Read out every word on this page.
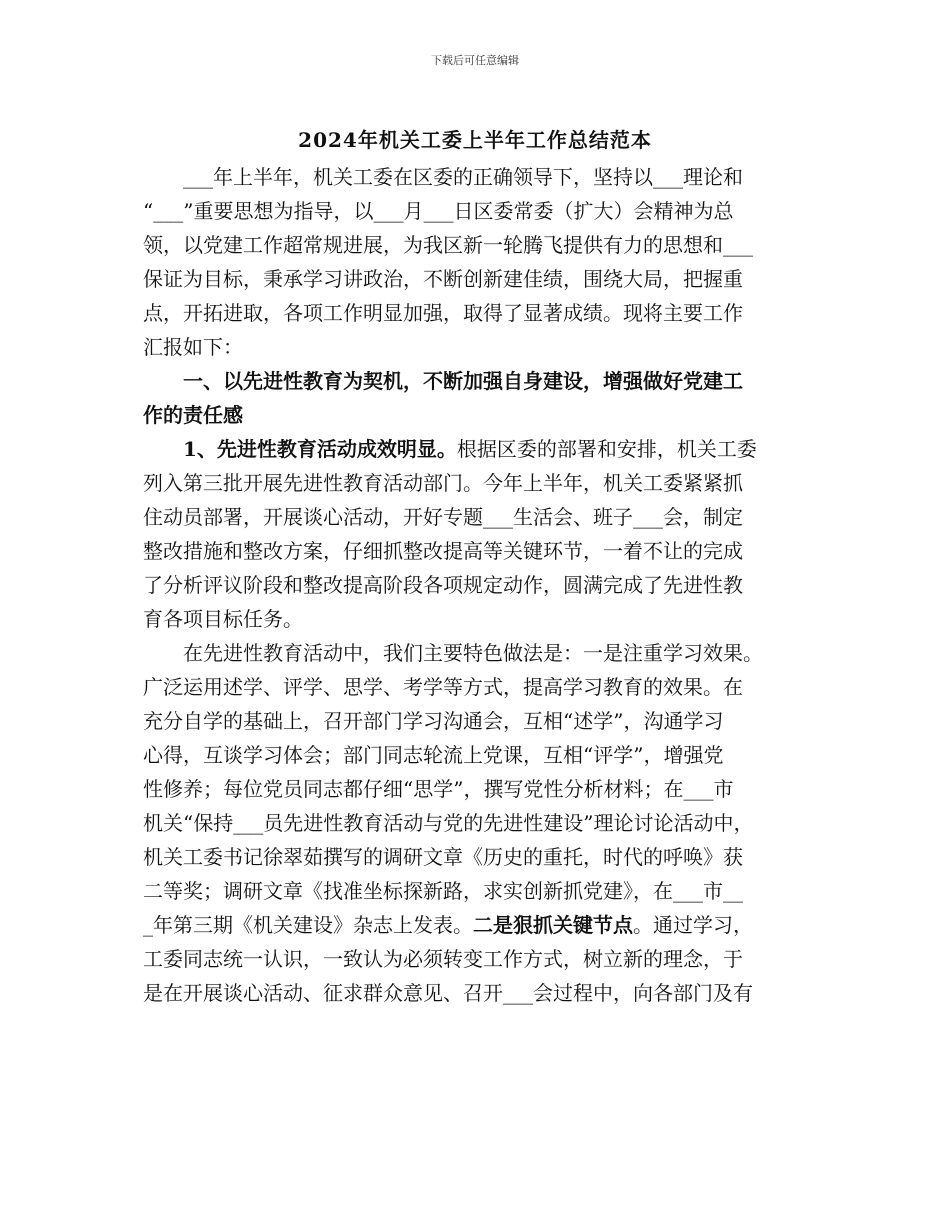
下载后可任意编辑
2024年机关工委上半年工作总结范本
　　___年上半年，机关工委在区委的正确领导下，坚持以___理论和
“___”重要思想为指导，以___月___日区委常委（扩大）会精神为总
领，以党建工作超常规进展，为我区新一轮腾飞提供有力的思想和___
保证为目标，秉承学习讲政治，不断创新建佳绩，围绕大局，把握重
点，开拓进取，各项工作明显加强，取得了显著成绩。现将主要工作
汇报如下：
　　一、以先进性教育为契机，不断加强自身建设，增强做好党建工
作的责任感
　　1、先进性教育活动成效明显。根据区委的部署和安排，机关工委
列入第三批开展先进性教育活动部门。今年上半年，机关工委紧紧抓
住动员部署，开展谈心活动，开好专题___生活会、班子___会，制定
整改措施和整改方案，仔细抓整改提高等关键环节，一着不让的完成
了分析评议阶段和整改提高阶段各项规定动作，圆满完成了先进性教
育各项目标任务。
　　在先进性教育活动中，我们主要特色做法是：一是注重学习效果。
广泛运用述学、评学、思学、考学等方式，提高学习教育的效果。在
充分自学的基础上，召开部门学习沟通会，互相“述学”，沟通学习
心得，互谈学习体会；部门同志轮流上党课，互相“评学”，增强党
性修养；每位党员同志都仔细“思学”，撰写党性分析材料；在___市
机关“保持___员先进性教育活动与党的先进性建设”理论讨论活动中，
机关工委书记徐翠茹撰写的调研文章《历史的重托，时代的呼唤》获
二等奖；调研文章《找准坐标探新路，求实创新抓党建》，在___市__
_年第三期《机关建设》杂志上发表。二是狠抓关键节点。通过学习，
工委同志统一认识，一致认为必须转变工作方式，树立新的理念，于
是在开展谈心活动、征求群众意见、召开___会过程中，向各部门及有
